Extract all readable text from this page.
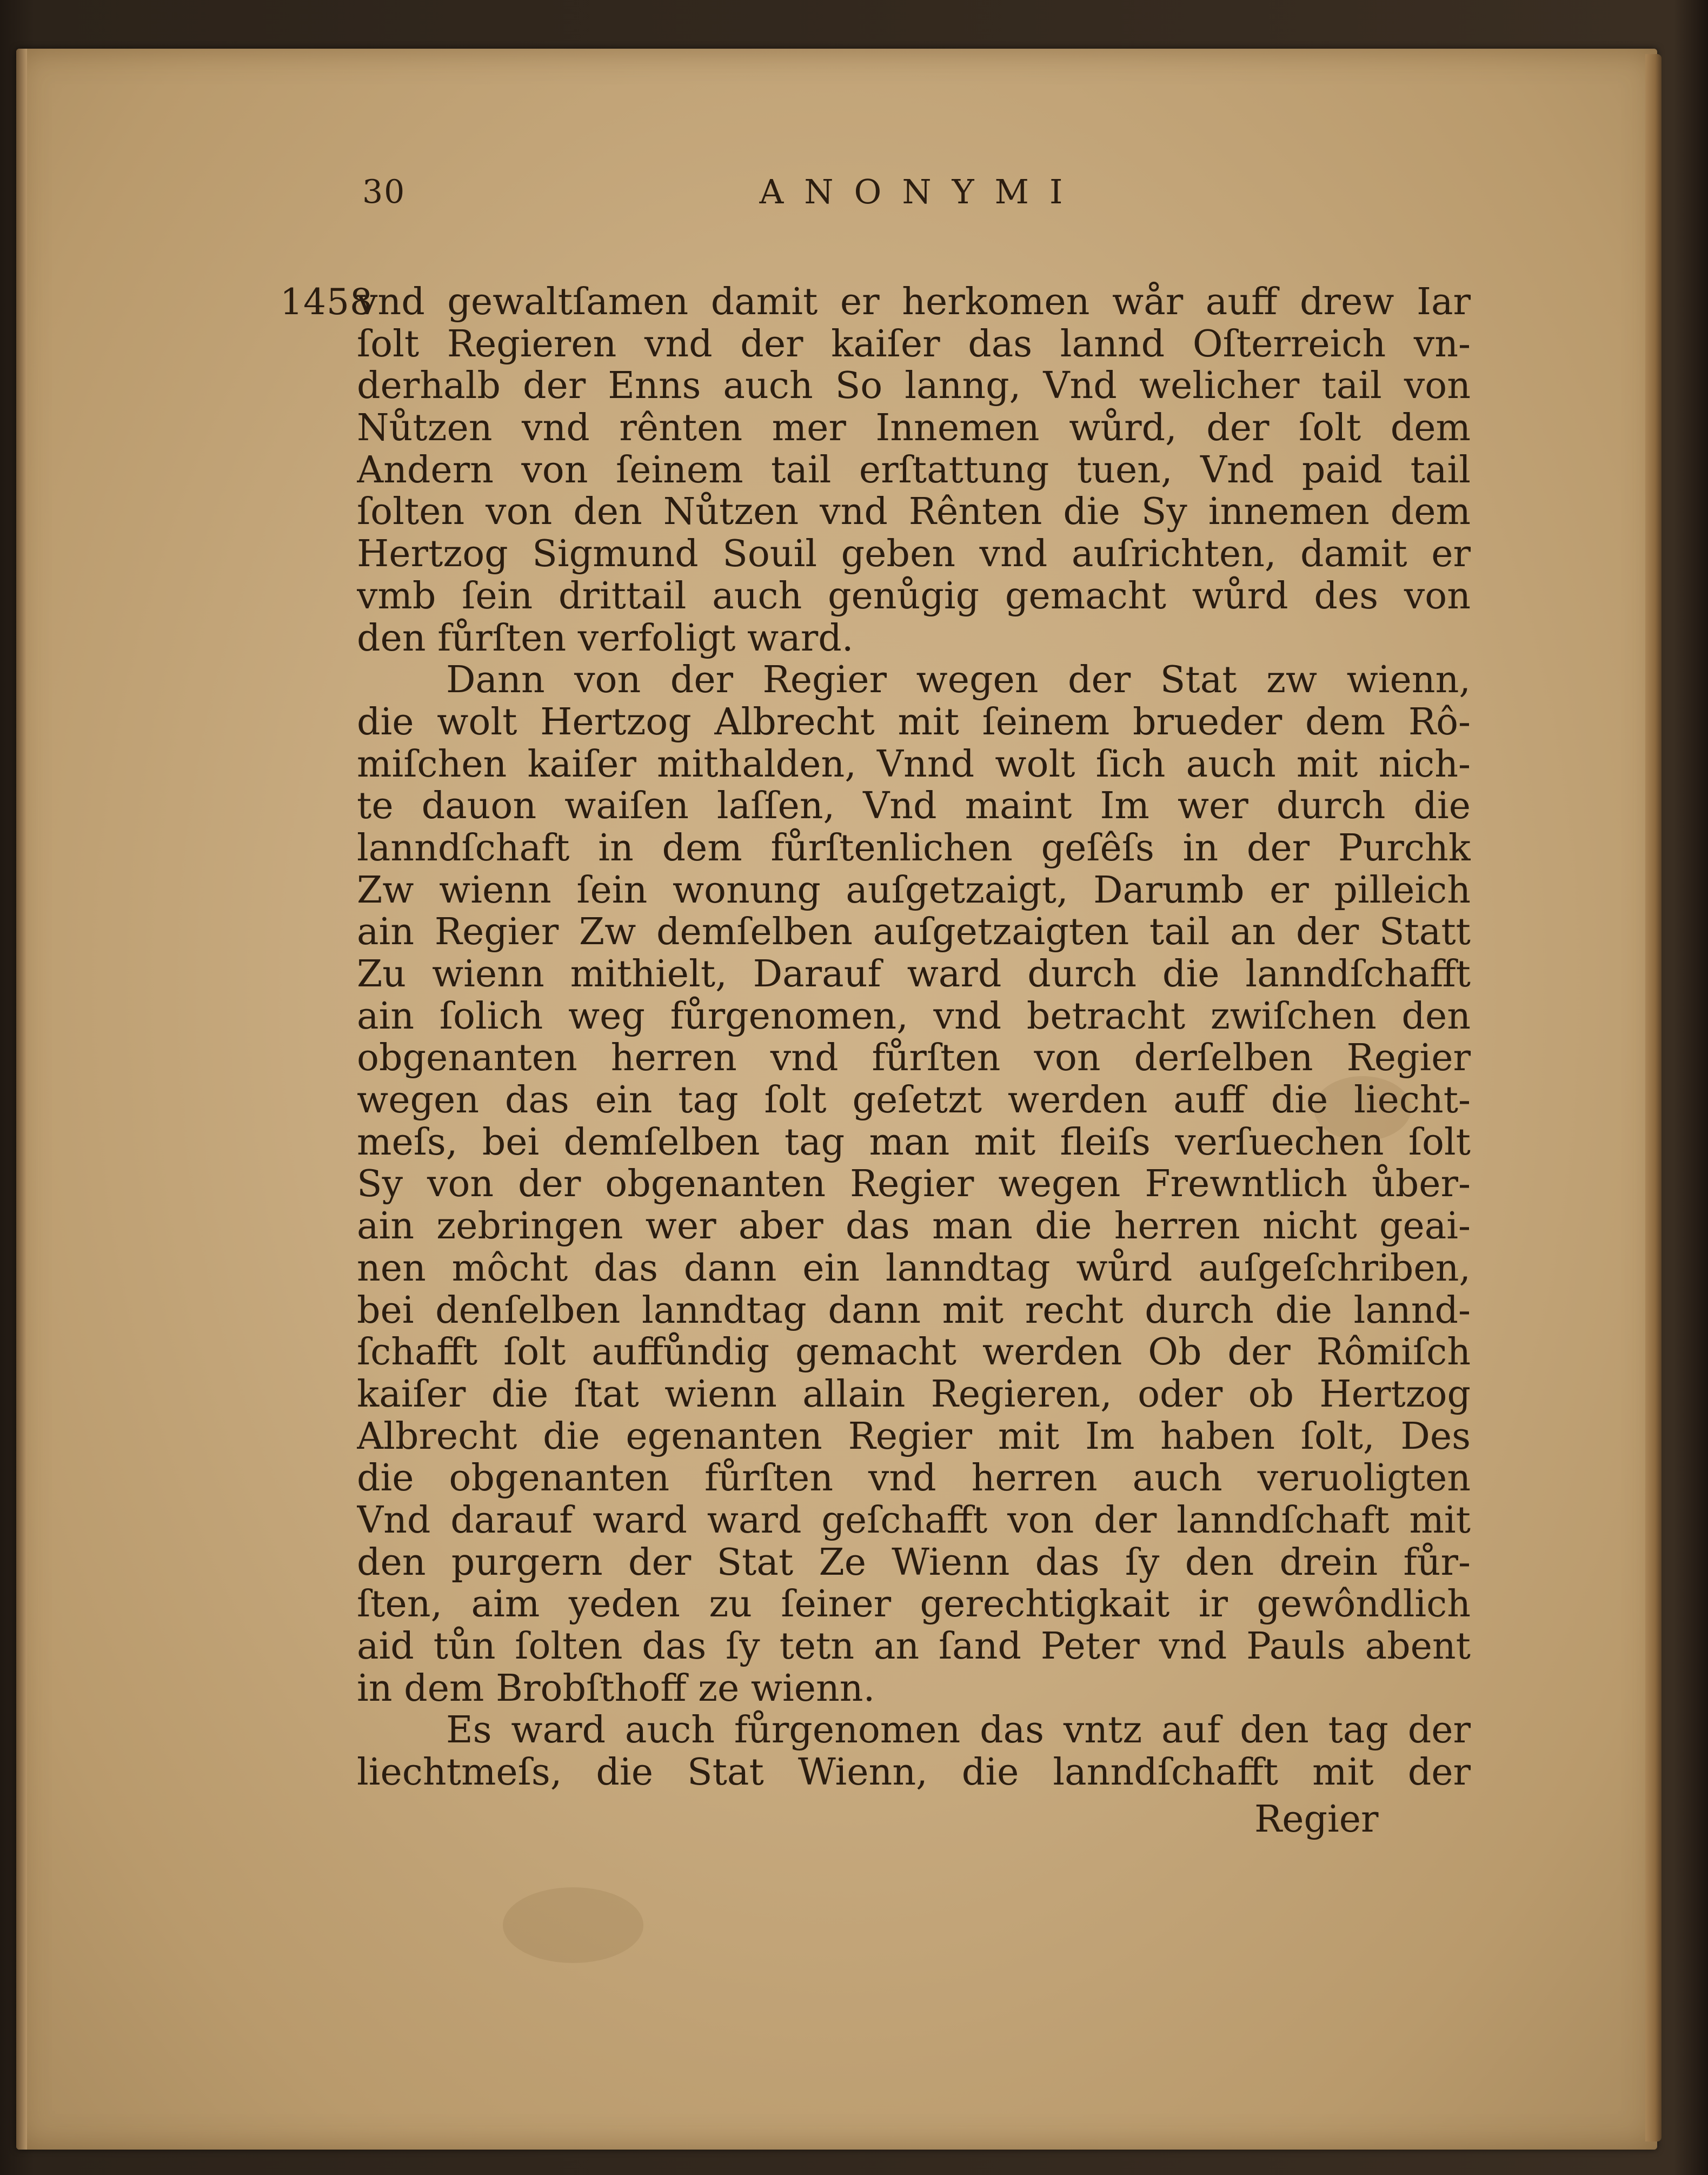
30	ANONYMI
1458
vnd gewaltſamen damit er herkomen wår auff drew Iar
ſolt Regieren vnd der kaiſer das lannd Oſterreich vn-
derhalb der Enns auch So lanng, Vnd welicher tail von
Nůtzen vnd rênten mer Innemen wůrd, der ſolt dem
Andern von ſeinem tail erſtattung tuen, Vnd paid tail
ſolten von den Nůtzen vnd Rênten die Sy innemen dem
Hertzog Sigmund Souil geben vnd auſrichten, damit er
vmb ſein drittail auch genůgig gemacht wůrd des von
den fůrſten verfoligt ward.
Dann von der Regier wegen der Stat zw wienn,
die wolt Hertzog Albrecht mit ſeinem brueder dem Rô-
miſchen kaiſer mithalden, Vnnd wolt ſich auch mit nich-
te dauon waiſen laſſen, Vnd maint Im wer durch die
lanndſchaft in dem fůrſtenlichen geſêſs in der Purchk
Zw wienn ſein wonung auſgetzaigt, Darumb er pilleich
ain Regier Zw demſelben auſgetzaigten tail an der Statt
Zu wienn mithielt, Darauf ward durch die lanndſchafft
ain ſolich weg fůrgenomen, vnd betracht zwiſchen den
obgenanten herren vnd fůrſten von derſelben Regier
wegen das ein tag ſolt geſetzt werden auff die liecht-
meſs, bei demſelben tag man mit fleiſs verſuechen ſolt
Sy von der obgenanten Regier wegen Frewntlich ůber-
ain zebringen wer aber das man die herren nicht geai-
nen môcht das dann ein lanndtag wůrd auſgeſchriben,
bei denſelben lanndtag dann mit recht durch die lannd-
ſchafft ſolt auffůndig gemacht werden Ob der Rômiſch
kaiſer die ſtat wienn allain Regieren, oder ob Hertzog
Albrecht die egenanten Regier mit Im haben ſolt, Des
die obgenanten fůrſten vnd herren auch veruoligten
Vnd darauf ward ward geſchafft von der lanndſchaft mit
den purgern der Stat Ze Wienn das ſy den drein fůr-
ſten, aim yeden zu ſeiner gerechtigkait ir gewôndlich
aid tůn ſolten das ſy tetn an ſand Peter vnd Pauls abent
in dem Brobſthoff ze wienn.
Es ward auch fůrgenomen das vntz auf den tag der
liechtmeſs, die Stat Wienn, die lanndſchafft mit der
Regier
